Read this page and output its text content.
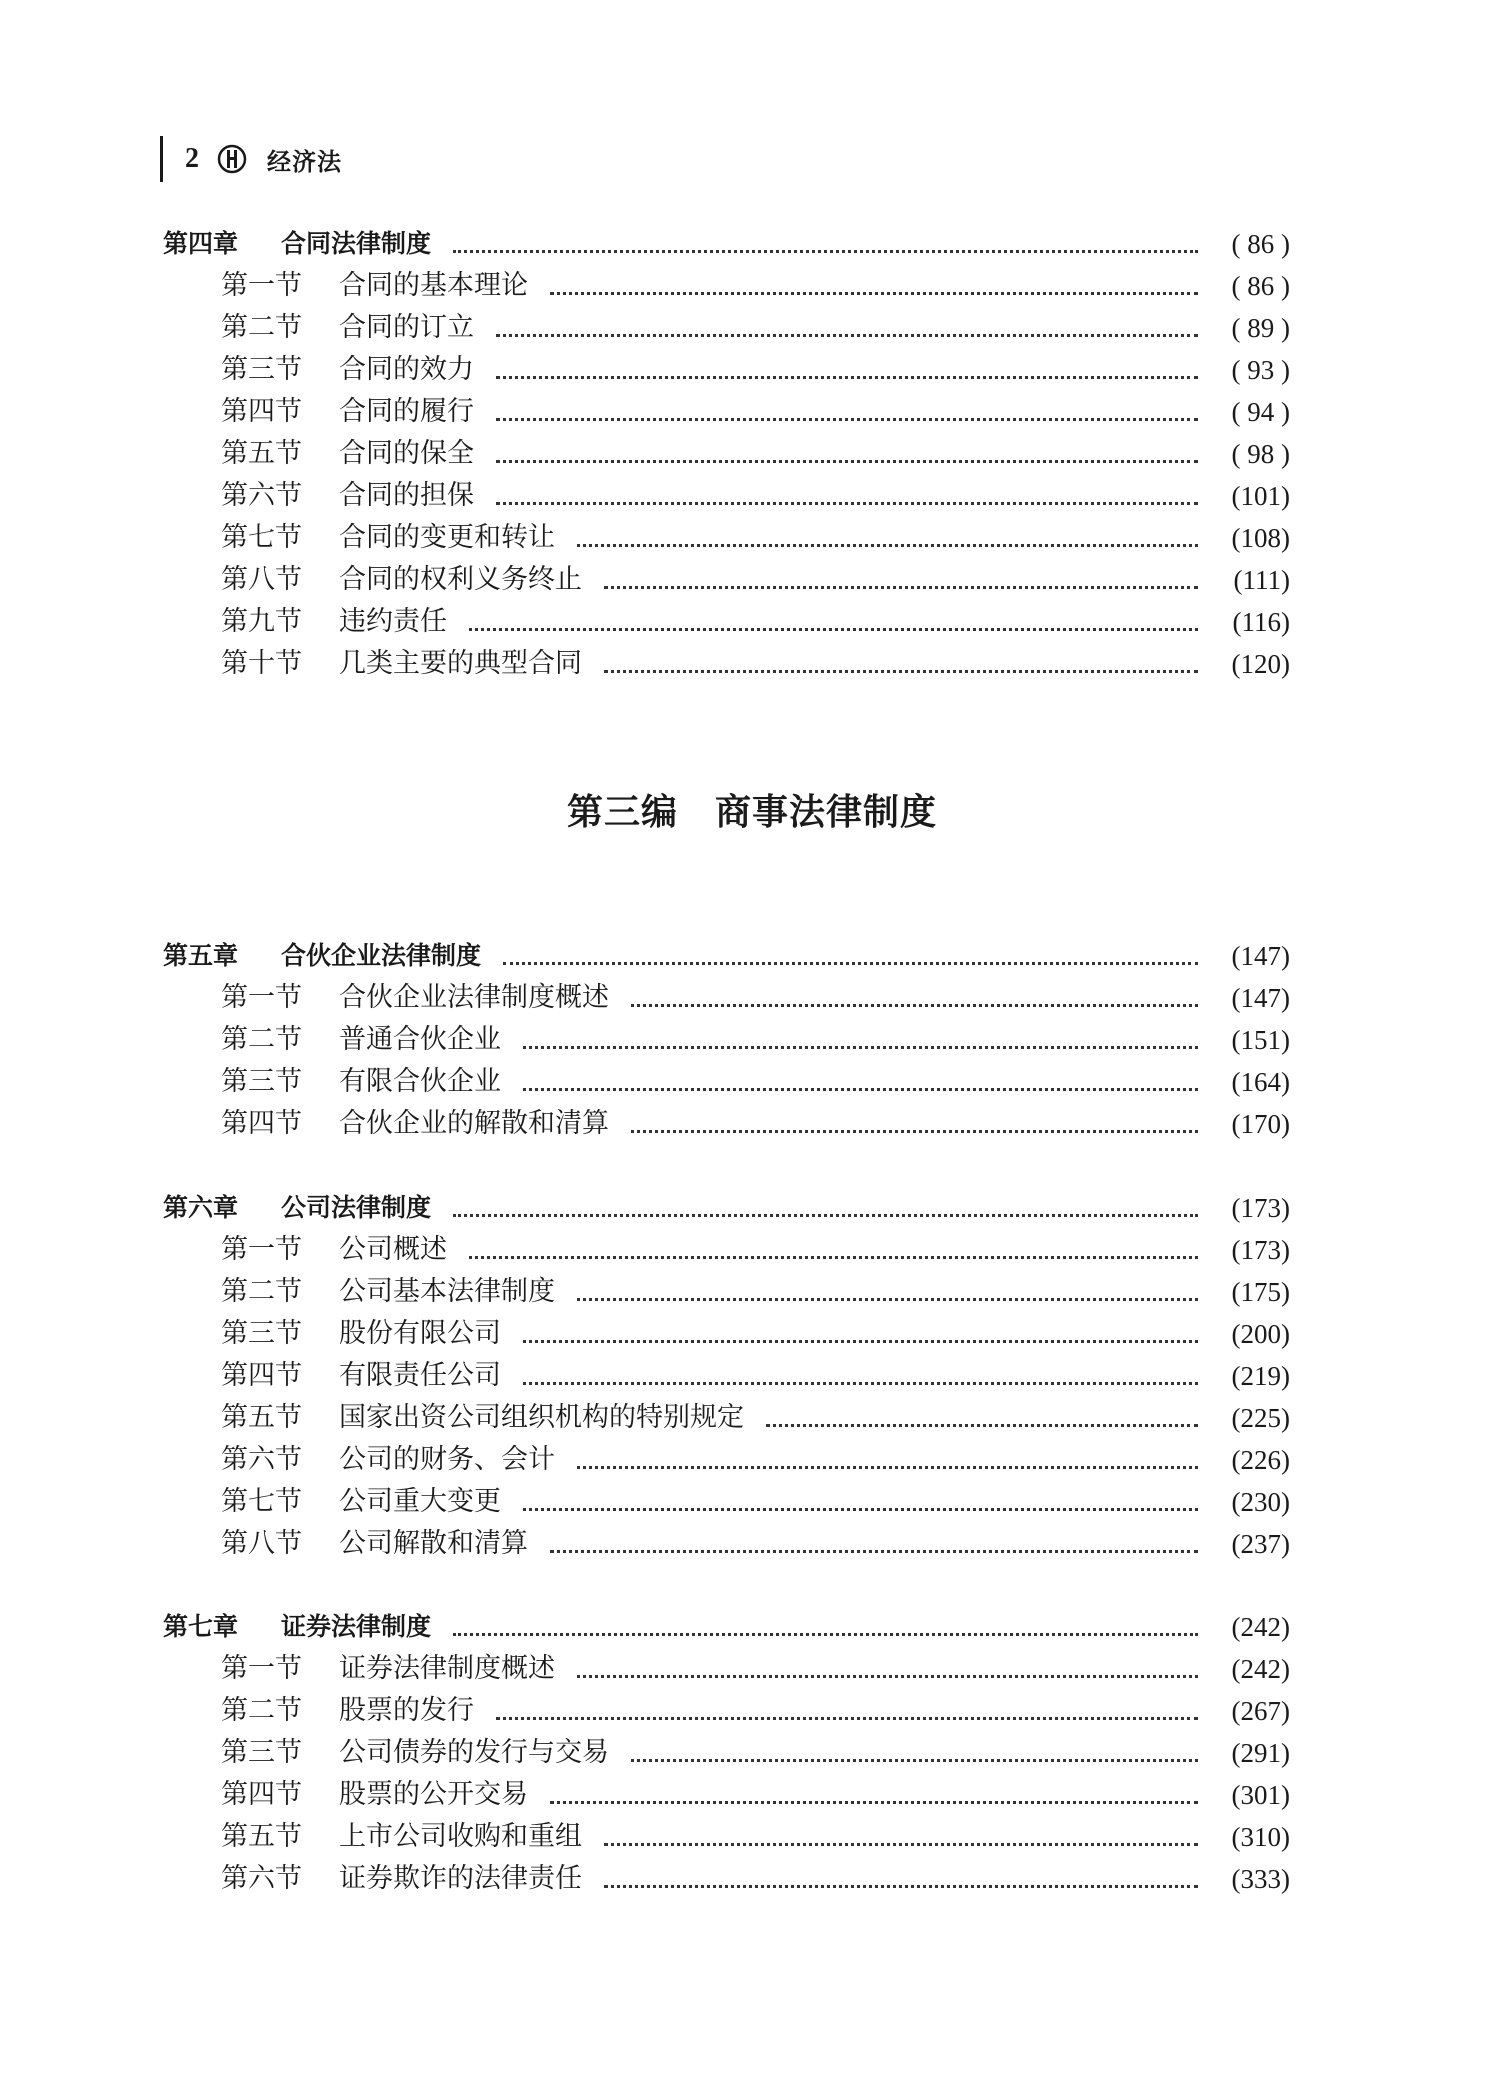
2	经济法
第四章	合同法律制度	( 86 )
第一节	合同的基本理论	( 86 )
第二节	合同的订立	( 89 )
第三节	合同的效力	( 93 )
第四节	合同的履行	( 94 )
第五节	合同的保全	( 98 )
第六节	合同的担保	(101)
第七节	合同的变更和转让	(108)
第八节	合同的权利义务终止	(111)
第九节	违约责任	(116)
第十节	几类主要的典型合同	(120)
第三编　商事法律制度
第五章	合伙企业法律制度	(147)
第一节	合伙企业法律制度概述	(147)
第二节	普通合伙企业	(151)
第三节	有限合伙企业	(164)
第四节	合伙企业的解散和清算	(170)
第六章	公司法律制度	(173)
第一节	公司概述	(173)
第二节	公司基本法律制度	(175)
第三节	股份有限公司	(200)
第四节	有限责任公司	(219)
第五节	国家出资公司组织机构的特别规定	(225)
第六节	公司的财务、会计	(226)
第七节	公司重大变更	(230)
第八节	公司解散和清算	(237)
第七章	证券法律制度	(242)
第一节	证券法律制度概述	(242)
第二节	股票的发行	(267)
第三节	公司债券的发行与交易	(291)
第四节	股票的公开交易	(301)
第五节	上市公司收购和重组	(310)
第六节	证券欺诈的法律责任	(333)
